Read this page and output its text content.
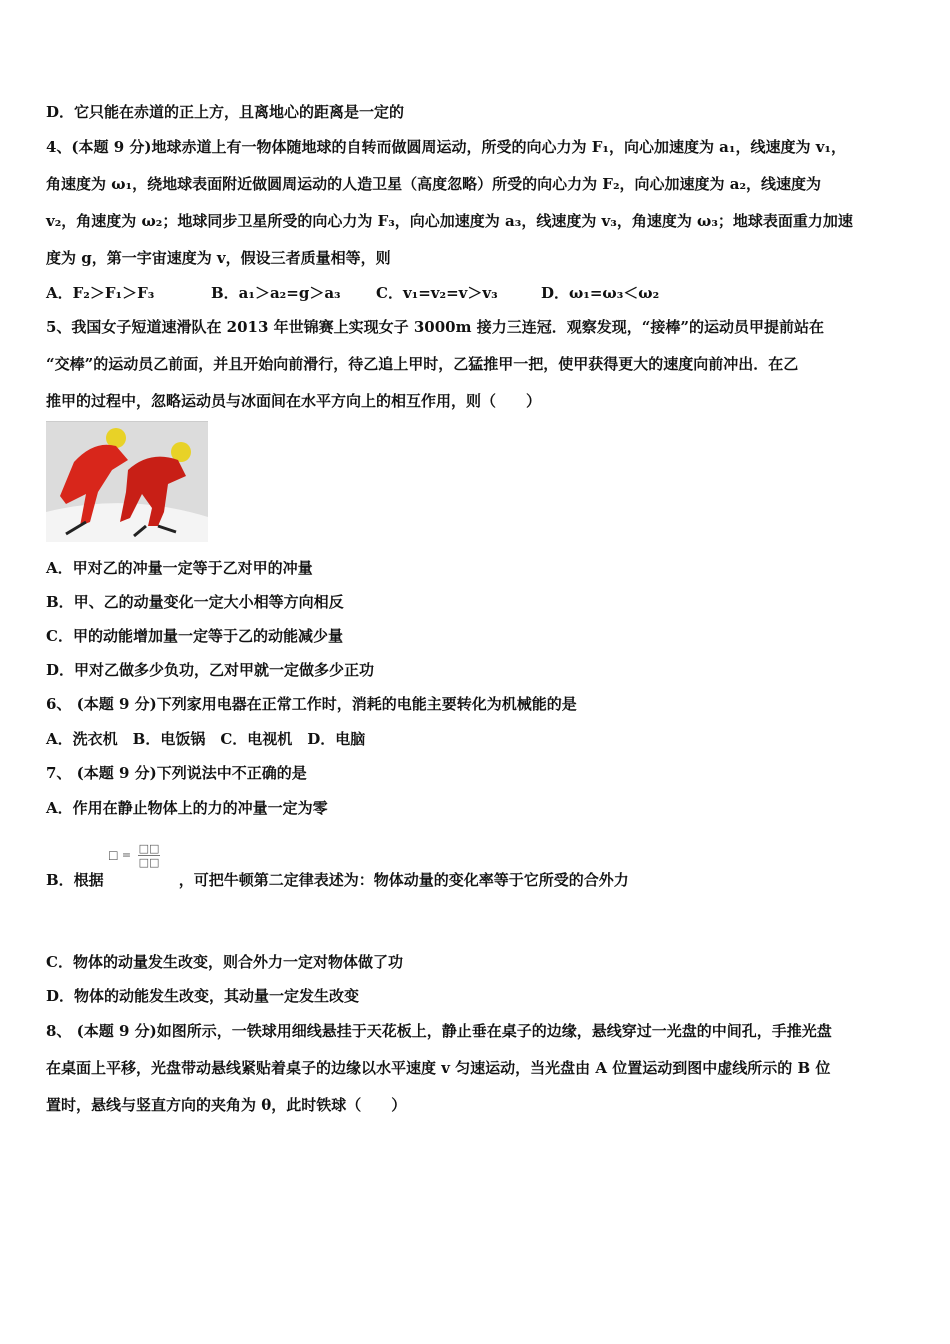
D．它只能在赤道的正上方，且离地心的距离是一定的
4、(本题 9 分)地球赤道上有一物体随地球的自转而做圆周运动，所受的向心力为 F₁，向心加速度为 a₁，线速度为 v₁，
角速度为 ω₁，绕地球表面附近做圆周运动的人造卫星（高度忽略）所受的向心力为 F₂，向心加速度为 a₂，线速度为
v₂，角速度为 ω₂；地球同步卫星所受的向心力为 F₃，向心加速度为 a₃，线速度为 v₃，角速度为 ω₃；地球表面重力加速
度为 g，第一宇宙速度为 v，假设三者质量相等，则
A．F₂＞F₁＞F₃	B．a₁＞a₂=g＞a₃ C．v₁=v₂=v＞v₃	D．ω₁=ω₃＜ω₂
5、我国女子短道速滑队在 2013 年世锦赛上实现女子 3000m 接力三连冠．观察发现，“接棒”的运动员甲提前站在
“交棒”的运动员乙前面，并且开始向前滑行，待乙追上甲时，乙猛推甲一把，使甲获得更大的速度向前冲出．在乙
推甲的过程中，忽略运动员与冰面间在水平方向上的相互作用，则（　　）
A．甲对乙的冲量一定等于乙对甲的冲量
B．甲、乙的动量变化一定大小相等方向相反
C．甲的动能增加量一定等于乙的动能减少量
D．甲对乙做多少负功，乙对甲就一定做多少正功
6、 (本题 9 分)下列家用电器在正常工作时，消耗的电能主要转化为机械能的是
A．洗衣机　B．电饭锅　C．电视机　D．电脑
7、 (本题 9 分)下列说法中不正确的是
A．作用在静止物体上的力的冲量一定为零
□ = $\frac{□□}{□□}$
B．根据	，可把牛顿第二定律表述为：物体动量的变化率等于它所受的合外力
C．物体的动量发生改变，则合外力一定对物体做了功
D．物体的动能发生改变，其动量一定发生改变
8、 (本题 9 分)如图所示，一铁球用细线悬挂于天花板上，静止垂在桌子的边缘，悬线穿过一光盘的中间孔，手推光盘
在桌面上平移，光盘带动悬线紧贴着桌子的边缘以水平速度 v 匀速运动，当光盘由 A 位置运动到图中虚线所示的 B 位
置时，悬线与竖直方向的夹角为 θ，此时铁球（　　）
